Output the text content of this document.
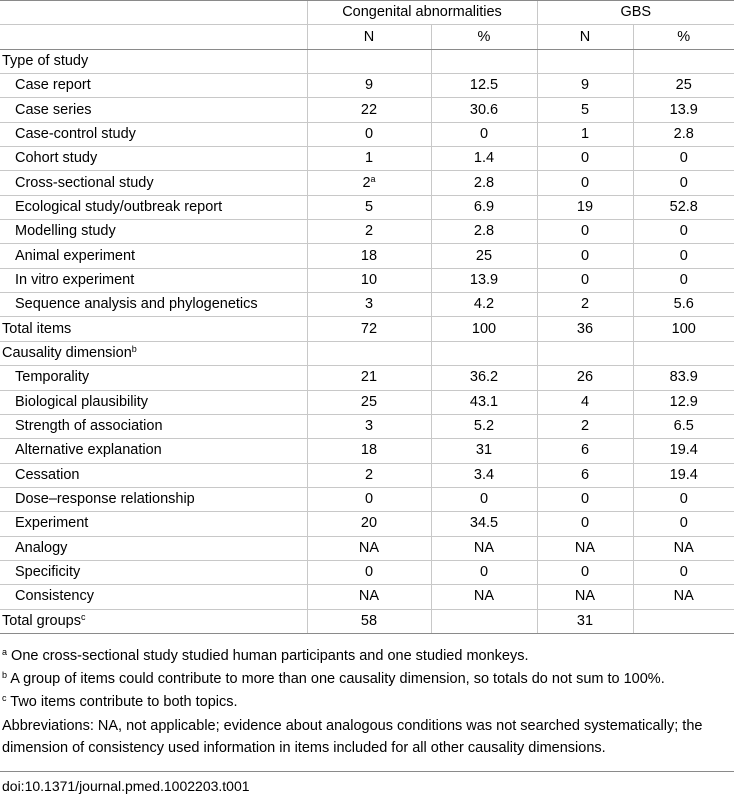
	Congenital abnormalities		GBS	
	N	%	N	%
Type of study				
Case report	9	12.5	9	25
Case series	22	30.6	5	13.9
Case-control study	0	0	1	2.8
Cohort study	1	1.4	0	0
Cross-sectional study	2$^a$	2.8	0	0
Ecological study/outbreak report	5	6.9	19	52.8
Modelling study	2	2.8	0	0
Animal experiment	18	25	0	0
In vitro experiment	10	13.9	0	0
Sequence analysis and phylogenetics	3	4.2	2	5.6
Total items	72	100	36	100
Causality dimension$^b$				
Temporality	21	36.2	26	83.9
Biological plausibility	25	43.1	4	12.9
Strength of association	3	5.2	2	6.5
Alternative explanation	18	31	6	19.4
Cessation	2	3.4	6	19.4
Dose–response relationship	0	0	0	0
Experiment	20	34.5	0	0
Analogy	NA	NA	NA	NA
Specificity	0	0	0	0
Consistency	NA	NA	NA	NA
Total groups$^c$	58		31	
$^a$ One cross-sectional study studied human participants and one studied monkeys.
$^b$ A group of items could contribute to more than one causality dimension, so totals do not sum to 100%.
$^c$ Two items contribute to both topics.
Abbreviations: NA, not applicable; evidence about analogous conditions was not searched systematically; the dimension of consistency used information in items included for all other causality dimensions.
doi:10.1371/journal.pmed.1002203.t001
